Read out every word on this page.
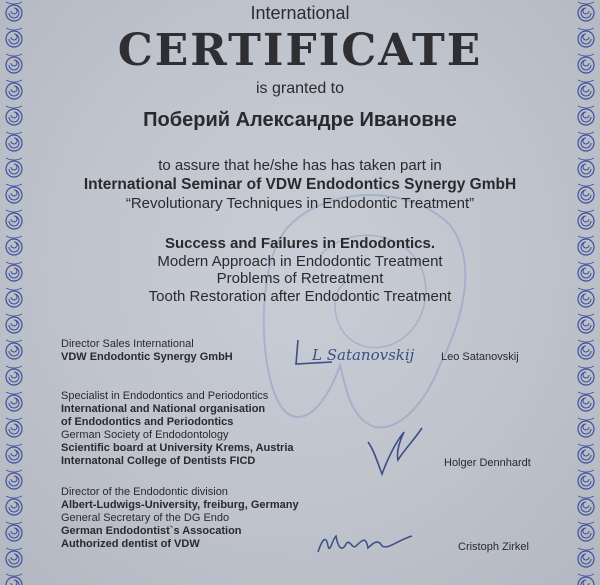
International
CERTIFICATE
is granted to
Поберий Александре Ивановне
to assure that he/she has has taken part in
International Seminar of VDW Endodontics Synergy GmbH
“Revolutionary Techniques in Endodontic Treatment”
Success and Failures in Endodontics.
Modern Approach in Endodontic Treatment
Problems of Retreatment
Tooth Restoration after Endodontic Treatment
Director Sales International
VDW Endodontic Synergy GmbH	L Satanovskij Leo Satanovskij
Specialist in Endodontics and Periodontics
International and National organisation
of Endodontics and Periodontics
German Society of Endodontology
Scientific board at University Krems, Austria
Internatonal College of Dentists FICD	Holger Dennhardt
Director of the Endodontic division
Albert-Ludwigs-University, freiburg, Germany
General Secretary of the DG Endo
German Endodontist`s Assocation
Authorized dentist of VDW	Cristoph Zirkel
